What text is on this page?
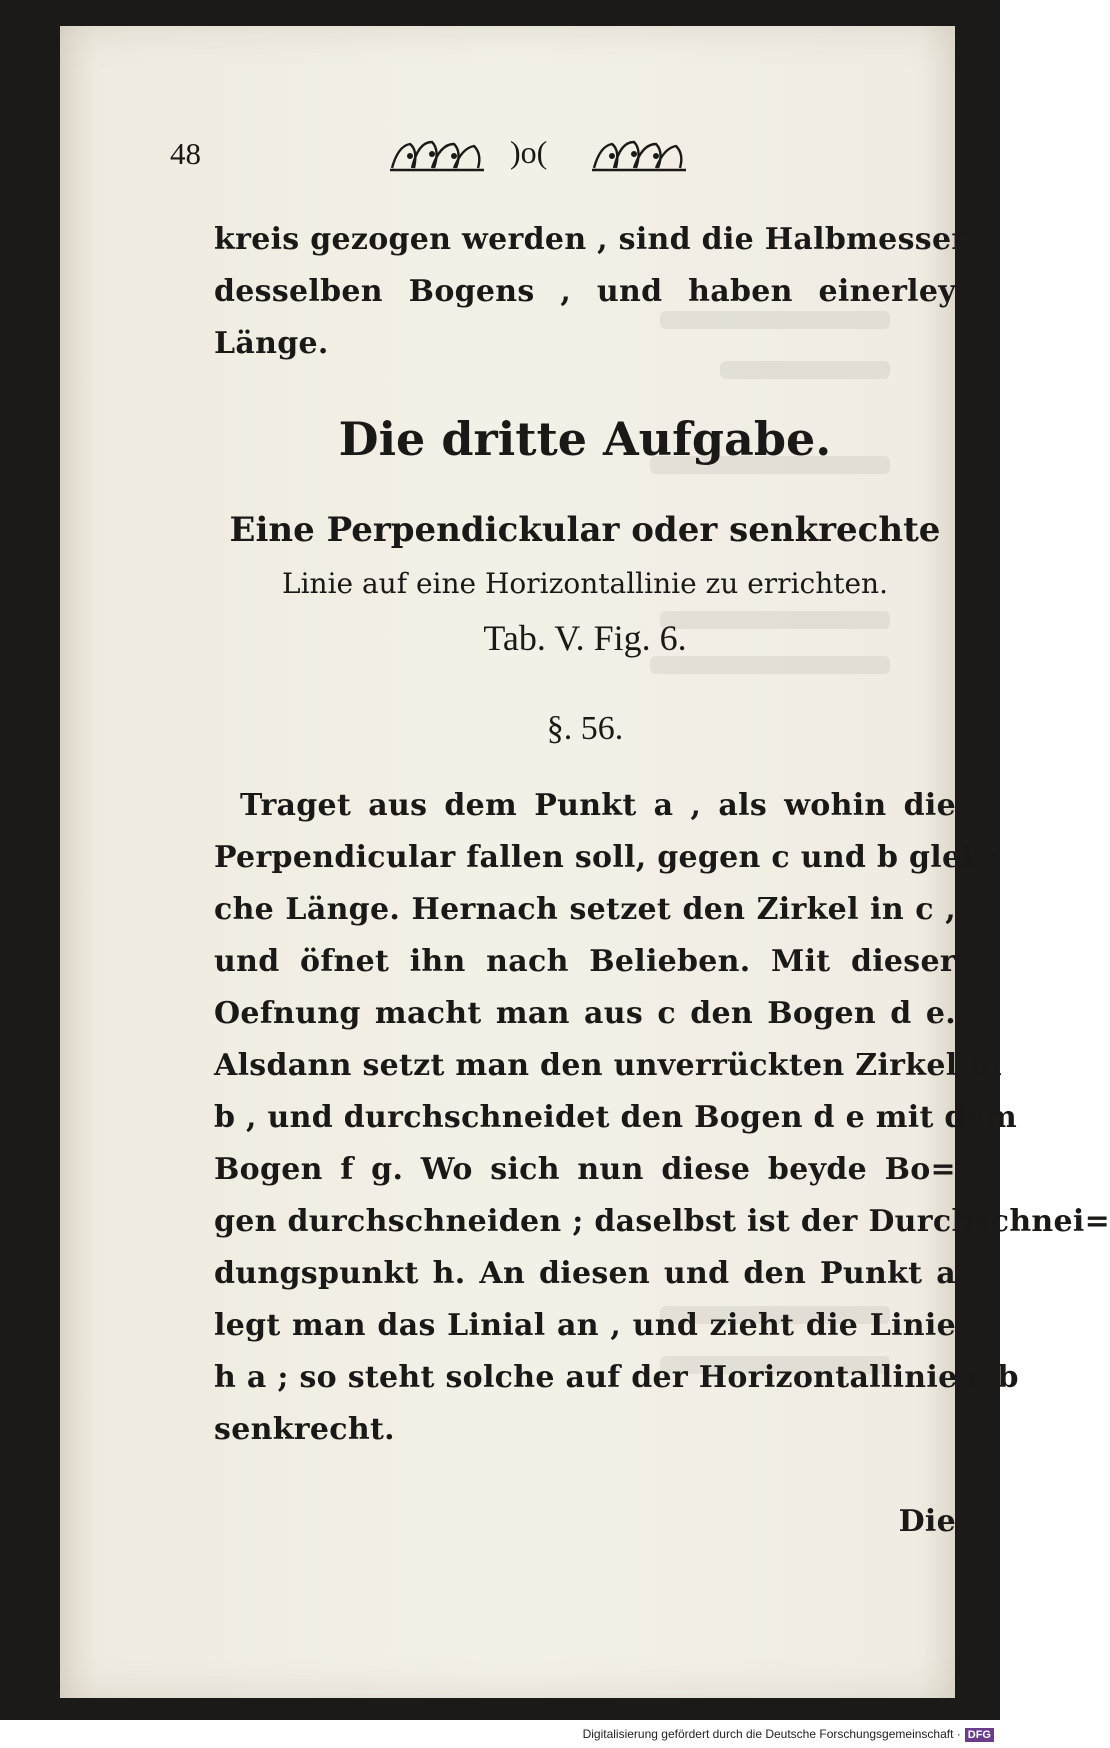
48	)o(
kreis gezogen werden , sind die Halbmesser
desselben Bogens , und haben einerley
Länge.
Die dritte Aufgabe.
Eine Perpendickular oder senkrechte
Linie auf eine Horizontallinie zu errichten.
Tab. V. Fig. 6.
§. 56.
Traget aus dem Punkt a , als wohin die
Perpendicular fallen soll, gegen c und b glei=
che Länge. Hernach setzet den Zirkel in c ,
und öfnet ihn nach Belieben. Mit dieser
Oefnung macht man aus c den Bogen d e.
Alsdann setzt man den unverrückten Zirkel in
b , und durchschneidet den Bogen d e mit dem
Bogen f g. Wo sich nun diese beyde Bo=
gen durchschneiden ; daselbst ist der Durchschnei=
dungspunkt h. An diesen und den Punkt a
legt man das Linial an , und zieht die Linie
h a ; so steht solche auf der Horizontallinie c b
senkrecht.
Die
Digitalisierung gefördert durch die Deutsche Forschungsgemeinschaft · DFG
